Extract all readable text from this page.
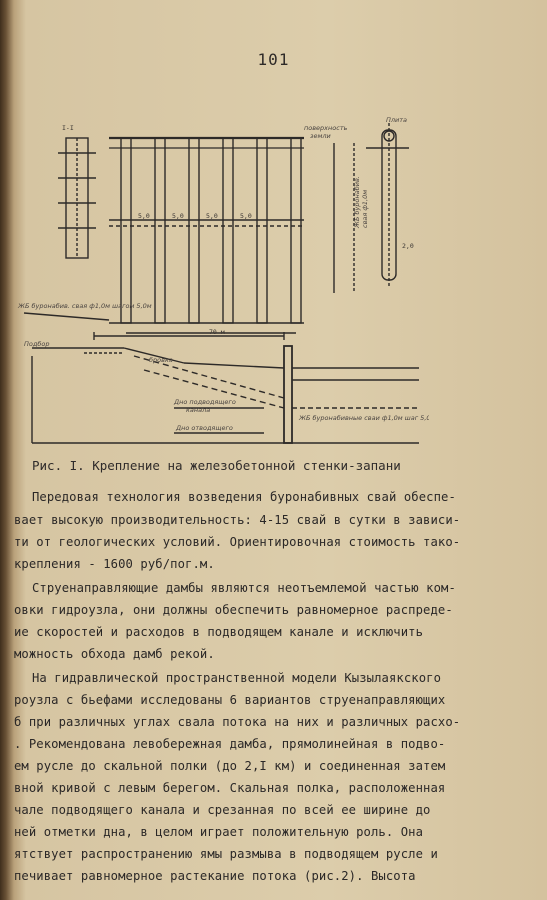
101
I-I	поверхность
земли
70 м
5,0	5,0	5,0	5,0
ЖБ буронабив. свая ф1,0м шагом 5,0м
Подбор
бровка
Дно подводящего
канала
Дно отводящего
ЖБ буронабивные сваи ф1,0м шаг 5,0м
Плита
2,0
ЖБ буронабив. свая ф1,0м
Рис. I. Крепление на железобетонной стенки-запани
Передовая технология возведения буронабивных свай обеспе-
вает высокую производительность: 4-15 свай в сутки в зависи-
ти от геологических условий. Ориентировочная стоимость тако-
крепления - 1600 руб/пог.м.
Струенаправляющие дамбы являются неотъемлемой частью ком-
овки гидроузла, они должны обеспечить равномерное распреде-
ие скоростей и расходов в подводящем канале и исключить
можность обхода дамб рекой.
На гидравлической пространственной модели Кызылаякского
роузла с бьефами исследованы 6 вариантов струенаправляющих
б при различных углах свала потока на них и различных расхо-
. Рекомендована левобережная дамба, прямолинейная в подво-
ем русле до скальной полки (до 2,I км) и соединенная затем
вной кривой с левым берегом. Скальная полка, расположенная
чале подводящего канала и срезанная по всей ее ширине до
ней отметки дна, в целом играет положительную роль. Она
ятствует распространению ямы размыва в подводящем русле и
печивает равномерное растекание потока (рис.2). Высота
